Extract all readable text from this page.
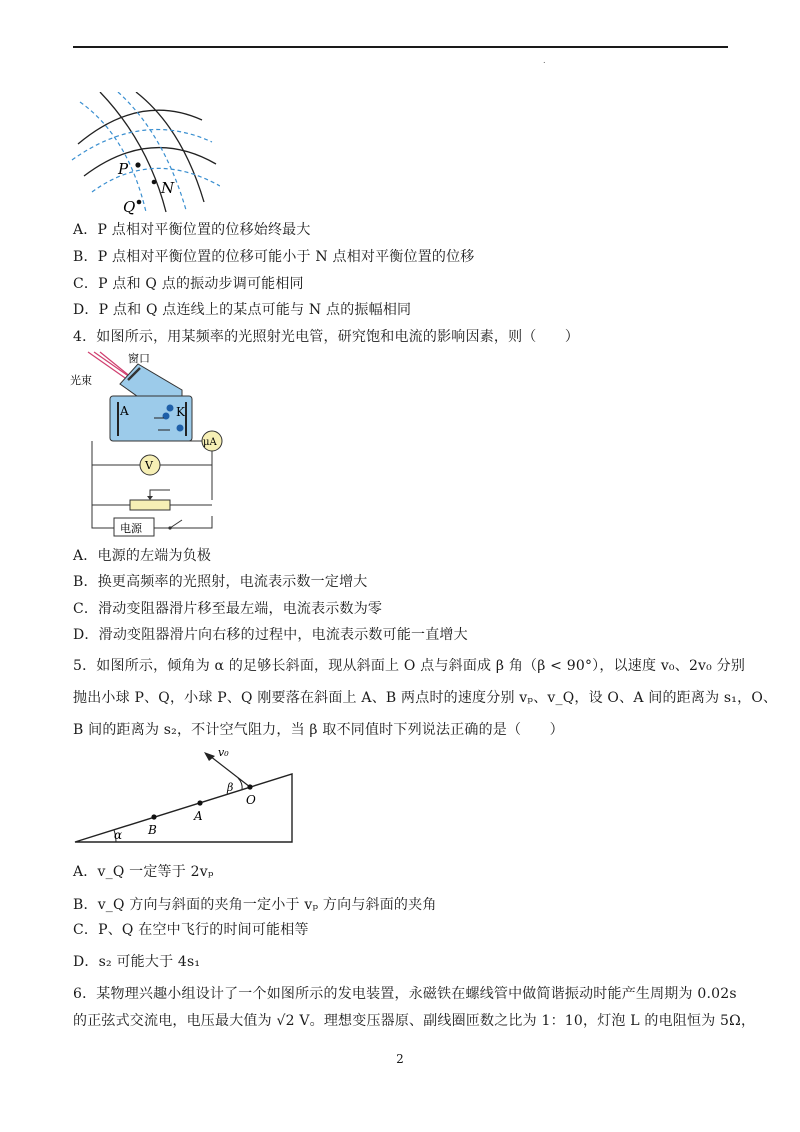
.
P
N
Q
A．P 点相对平衡位置的位移始终最大
B．P 点相对平衡位置的位移可能小于 N 点相对平衡位置的位移
C．P 点和 Q 点的振动步调可能相同
D．P 点和 Q 点连线上的某点可能与 N 点的振幅相同
4．如图所示，用某频率的光照射光电管，研究饱和电流的影响因素，则（　　）
A	K
窗口
光束
μA
V
电源
A．电源的左端为负极
B．换更高频率的光照射，电流表示数一定增大
C．滑动变阻器滑片移至最左端，电流表示数为零
D．滑动变阻器滑片向右移的过程中，电流表示数可能一直增大
5．如图所示，倾角为 α 的足够长斜面，现从斜面上 O 点与斜面成 β 角（β < 90°），以速度 v₀、2v₀ 分别
抛出小球 P、Q，小球 P、Q 刚要落在斜面上 A、B 两点时的速度分别 vₚ、v_Q，设 O、A 间的距离为 s₁，O、
B 间的距离为 s₂，不计空气阻力，当 β 取不同值时下列说法正确的是（　　）
α
v₀
β
O
A
B
A．v_Q 一定等于 2vₚ
B．v_Q 方向与斜面的夹角一定小于 vₚ 方向与斜面的夹角
C．P、Q 在空中飞行的时间可能相等
D．s₂ 可能大于 4s₁
6．某物理兴趣小组设计了一个如图所示的发电装置，永磁铁在螺线管中做简谐振动时能产生周期为 0.02s
的正弦式交流电，电压最大值为 √2 V。理想变压器原、副线圈匝数之比为 1：10，灯泡 L 的电阻恒为 5Ω，
2
